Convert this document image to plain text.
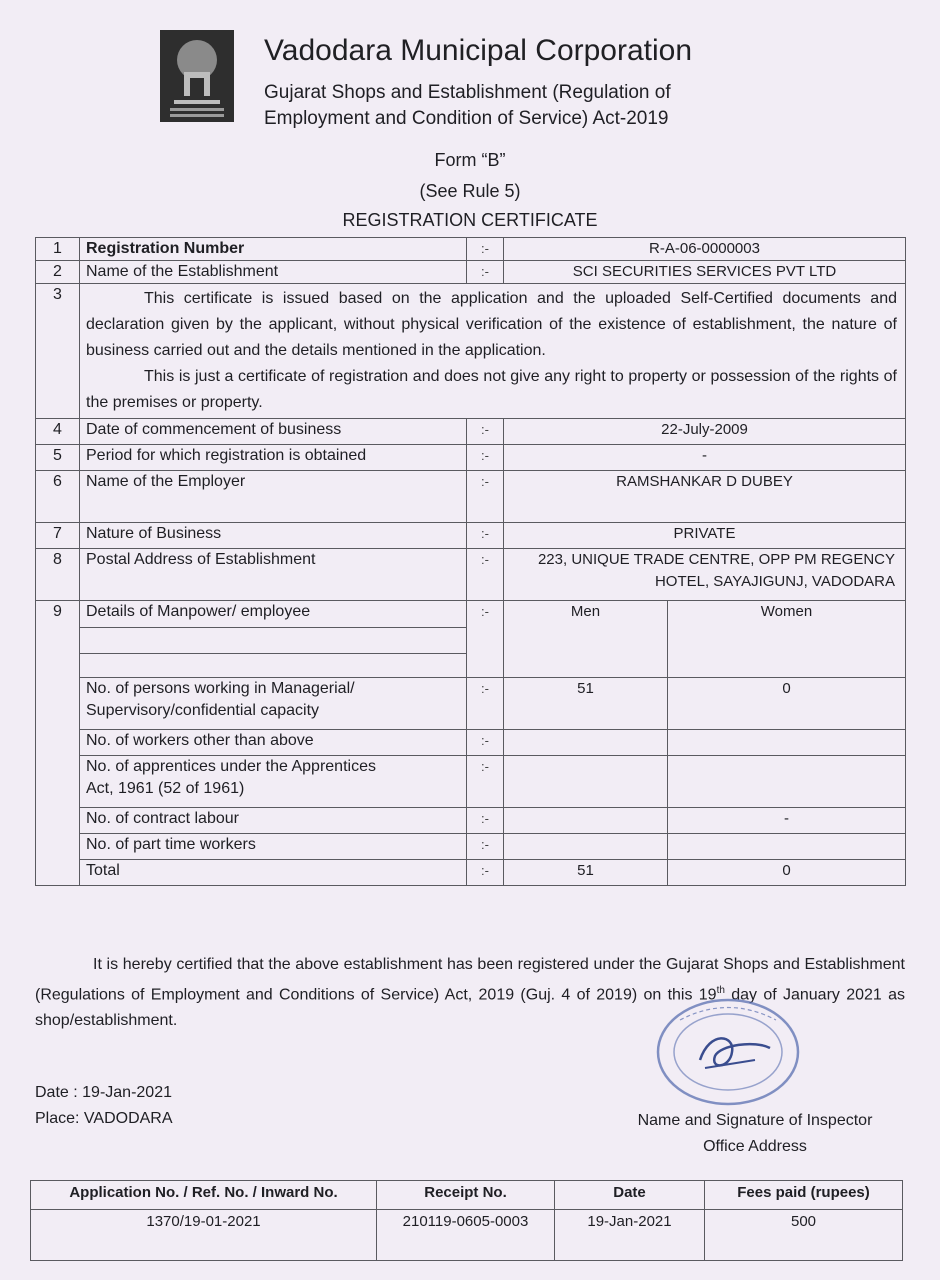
Vadodara Municipal Corporation
Gujarat Shops and Establishment (Regulation of
Employment and Condition of Service) Act-2019
Form “B”
(See Rule 5)
REGISTRATION CERTIFICATE
1	Registration Number	:-	R-A-06-0000003	
2	Name of the Establishment	:-	SCI SECURITIES SERVICES PVT LTD	
3	This certificate is issued based on the application and the uploaded Self-Certified documents and declaration given by the applicant, without physical verification of the existence of establishment, the nature of business carried out and the details mentioned in the application.
This is just a certificate of registration and does not give any right to property or possession of the rights of the premises or property.			

4	Date of commencement of business	:-	22-July-2009	
5	Period for which registration is obtained	:-	-	
6	Name of the Employer	:-	RAMSHANKAR D DUBEY	
7	Nature of Business	:-	PRIVATE	
8	Postal Address of Establishment	:-	223, UNIQUE TRADE CENTRE, OPP PM REGENCY
HOTEL, SAYAJIGUNJ, VADODARA	

9	Details of Manpower/ employee	:-	Men	Women

	No. of persons working in Managerial/
Supervisory/confidential capacity	:-	51	0
	No. of workers other than above	:-		

	No. of apprentices under the Apprentices
Act, 1961 (52 of 1961)	:-		
	No. of contract labour	:-		-
	No. of part time workers	:-		
	Total	:-	51	0
It is hereby certified that the above establishment has been registered under the Gujarat Shops and Establishment (Regulations of Employment and Conditions of Service) Act, 2019 (Guj. 4 of 2019) on this 19th day of January 2021 as shop/establishment.
Date : 19-Jan-2021
Place: VADODARA	Name and Signature of Inspector
Office Address
Application No. / Ref. No. / Inward No.	Receipt No.	Date	Fees paid (rupees)
1370/19-01-2021	210119-0605-0003	19-Jan-2021	500
